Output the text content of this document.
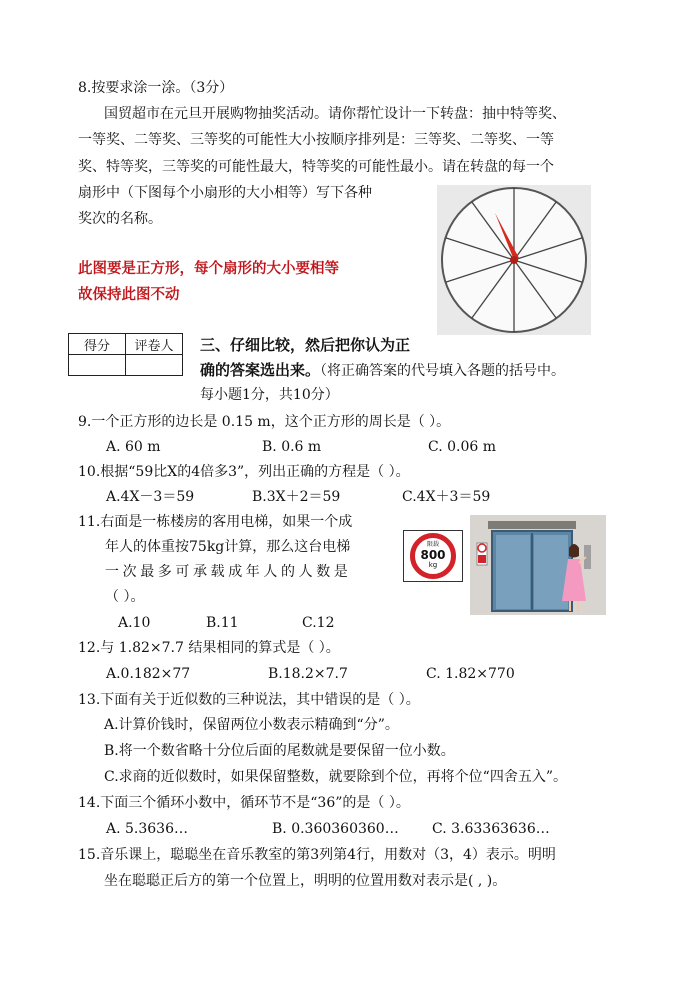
8.按要求涂一涂。（3分）
国贸超市在元旦开展购物抽奖活动。请你帮忙设计一下转盘：抽中特等奖、
一等奖、二等奖、三等奖的可能性大小按顺序排列是：三等奖、二等奖、一等
奖、特等奖，三等奖的可能性最大，特等奖的可能性最小。请在转盘的每一个
扇形中（下图每个小扇形的大小相等）写下各种
奖次的名称。
此图要是正方形，每个扇形的大小要相等
故保持此图不动
得分	评卷人
	三、仔细比较，然后把你认为正
确的答案选出来。（将正确答案的代号填入各题的括号中。
每小题1分，共10分）
9.一个正方形的边长是 0.15 m，这个正方形的周长是（ ）。
A. 60 m	B. 0.6 m	C. 0.06 m
10.根据“59比X的4倍多3”，列出正确的方程是（ ）。
A.4X－3＝59	B.3X＋2＝59	C.4X＋3＝59
11.右面是一栋楼房的客用电梯，如果一个成
年人的体重按75kg计算，那么这台电梯
一次最多可承载成年人的人数是
（ ）。
A.10	B.11	C.12
限载
800
kg
12.与 1.82×7.7 结果相同的算式是（ ）。
A.0.182×77	B.18.2×7.7	C. 1.82×770
13.下面有关于近似数的三种说法，其中错误的是（ ）。
A.计算价钱时，保留两位小数表示精确到“分”。
B.将一个数省略十分位后面的尾数就是要保留一位小数。
C.求商的近似数时，如果保留整数，就要除到个位，再将个位“四舍五入”。
14.下面三个循环小数中，循环节不是“36”的是（ ）。
A. 5.3636…	B. 0.360360360… C. 3.63363636…
15.音乐课上，聪聪坐在音乐教室的第3列第4行，用数对（3，4）表示。明明
坐在聪聪正后方的第一个位置上，明明的位置用数对表示是( , )。
